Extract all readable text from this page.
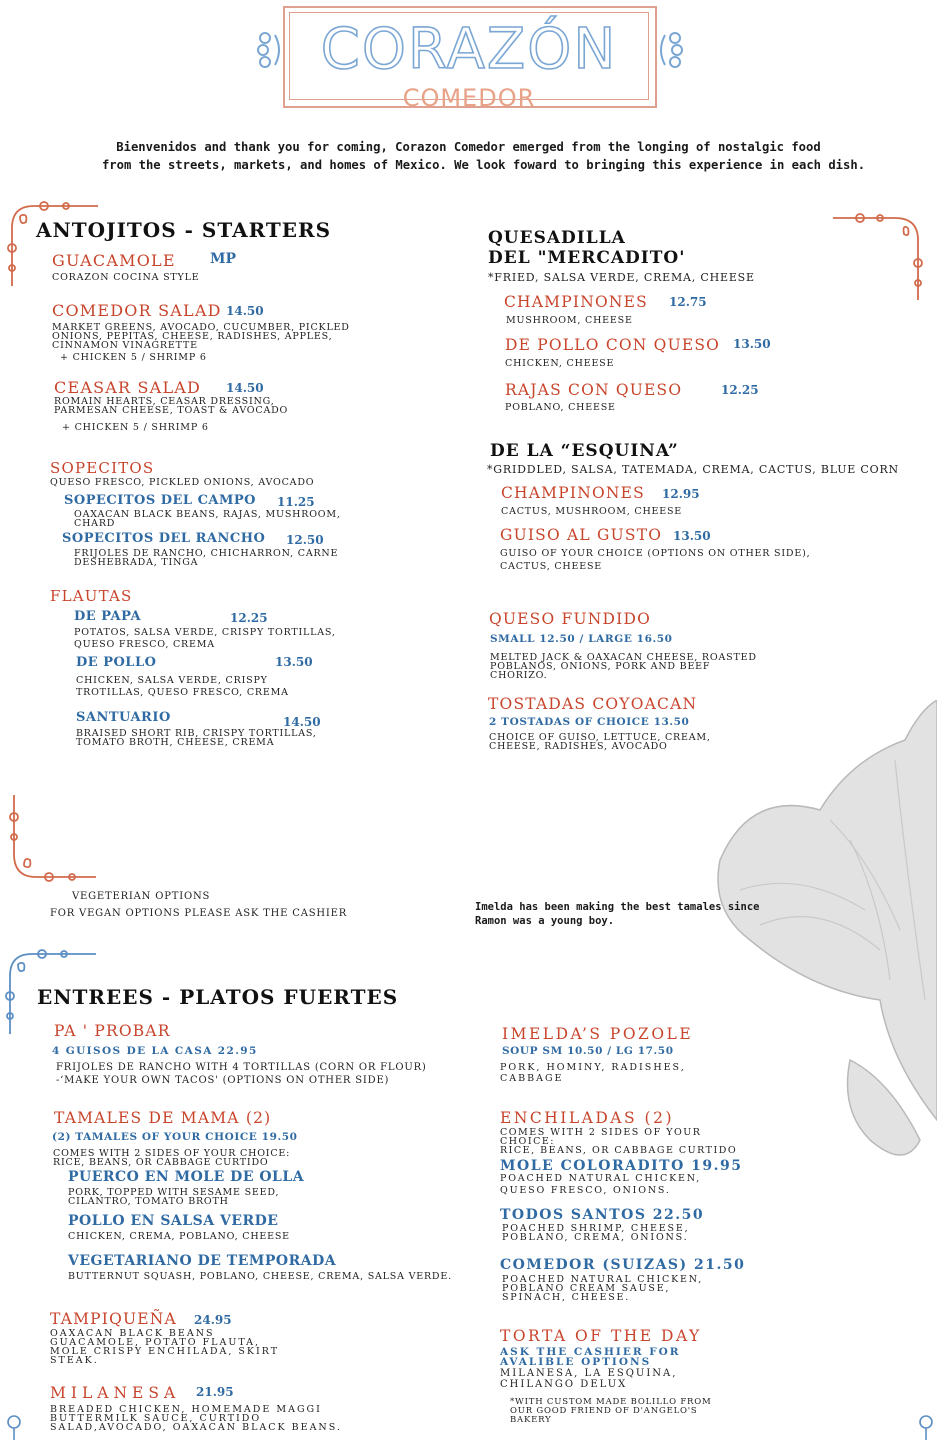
CORAZÓN
COMEDOR
Bienvenidos and thank you for coming, Corazon Comedor emerged from the longing of nostalgic food
from the streets, markets, and homes of Mexico. We look foward to bringing this experience in each dish.
ANTOJITOS - STARTERS
GUACAMOLE MP
CORAZON COCINA STYLE
COMEDOR SALAD 14.50
MARKET GREENS, AVOCADO, CUCUMBER, PICKLED
ONIONS, PEPITAS, CHEESE, RADISHES, APPLES,
CINNAMON VINAGRETTE
+ CHICKEN 5 / SHRIMP 6
CEASAR SALAD 14.50
ROMAIN HEARTS, CEASAR DRESSING,
PARMESAN CHEESE, TOAST & AVOCADO
+ CHICKEN 5 / SHRIMP 6
SOPECITOS
QUESO FRESCO, PICKLED ONIONS, AVOCADO
SOPECITOS DEL CAMPO 11.25
OAXACAN BLACK BEANS, RAJAS, MUSHROOM,
CHARD
SOPECITOS DEL RANCHO 12.50
FRIJOLES DE RANCHO, CHICHARRON, CARNE
DESHEBRADA, TINGA
FLAUTAS
DE PAPA	12.25
POTATOS, SALSA VERDE, CRISPY TORTILLAS,
QUESO FRESCO, CREMA
DE POLLO	13.50
CHICKEN, SALSA VERDE, CRISPY
TROTILLAS, QUESO FRESCO, CREMA
SANTUARIO	14.50
BRAISED SHORT RIB, CRISPY TORTILLAS,
TOMATO BROTH, CHEESE, CREMA
QUESADILLA
DEL "MERCADITO'
*FRIED, SALSA VERDE, CREMA, CHEESE
CHAMPINONES 12.75
MUSHROOM, CHEESE
DE POLLO CON QUESO 13.50
CHICKEN, CHEESE
RAJAS CON QUESO	12.25
POBLANO, CHEESE
DE LA “ESQUINA”
*GRIDDLED, SALSA, TATEMADA, CREMA, CACTUS, BLUE CORN
CHAMPINONES 12.95
CACTUS, MUSHROOM, CHEESE
GUISO AL GUSTO 13.50
GUISO OF YOUR CHOICE (OPTIONS ON OTHER SIDE),
CACTUS, CHEESE
QUESO FUNDIDO
SMALL 12.50 / LARGE 16.50
MELTED JACK & OAXACAN CHEESE, ROASTED
POBLANOS, ONIONS, PORK AND BEEF
CHORIZO.
TOSTADAS COYOACAN
2 TOSTADAS OF CHOICE 13.50
CHOICE OF GUISO, LETTUCE, CREAM,
CHEESE, RADISHES, AVOCADO
VEGETERIAN OPTIONS
FOR VEGAN OPTIONS PLEASE ASK THE CASHIER
Imelda has been making the best tamales since
Ramon was a young boy.
ENTREES - PLATOS FUERTES
PA ' PROBAR
4 GUISOS DE LA CASA 22.95
FRIJOLES DE RANCHO WITH 4 TORTILLAS (CORN OR FLOUR)
-‘MAKE YOUR OWN TACOS' (OPTIONS ON OTHER SIDE)
TAMALES DE MAMA (2)
(2) TAMALES OF YOUR CHOICE 19.50
COMES WITH 2 SIDES OF YOUR CHOICE:
RICE, BEANS, OR CABBAGE CURTIDO
PUERCO EN MOLE DE OLLA
PORK, TOPPED WITH SESAME SEED,
CILANTRO, TOMATO BROTH
POLLO EN SALSA VERDE
CHICKEN, CREMA, POBLANO, CHEESE
VEGETARIANO DE TEMPORADA
BUTTERNUT SQUASH, POBLANO, CHEESE, CREMA, SALSA VERDE.
TAMPIQUEÑA 24.95
OAXACAN BLACK BEANS
GUACAMOLE, POTATO FLAUTA,
MOLE CRISPY ENCHILADA, SKIRT
STEAK.
MILANESA 21.95
BREADED CHICKEN, HOMEMADE MAGGI
BUTTERMILK SAUCE, CURTIDO
SALAD,AVOCADO, OAXACAN BLACK BEANS.
IMELDA’S POZOLE
SOUP SM 10.50 / LG 17.50
PORK, HOMINY, RADISHES,
CABBAGE
ENCHILADAS (2)
COMES WITH 2 SIDES OF YOUR
CHOICE:
RICE, BEANS, OR CABBAGE CURTIDO
MOLE COLORADITO 19.95
POACHED NATURAL CHICKEN,
QUESO FRESCO, ONIONS.
TODOS SANTOS 22.50
POACHED SHRIMP, CHEESE,
POBLANO, CREMA, ONIONS.
COMEDOR (SUIZAS) 21.50
POACHED NATURAL CHICKEN,
POBLANO CREAM SAUSE,
SPINACH, CHEESE.
TORTA OF THE DAY
ASK THE CASHIER FOR
AVALIBLE OPTIONS
MILANESA, LA ESQUINA,
CHILANGO DELUX
*WITH CUSTOM MADE BOLILLO FROM
OUR GOOD FRIEND OF D'ANGELO'S
BAKERY
